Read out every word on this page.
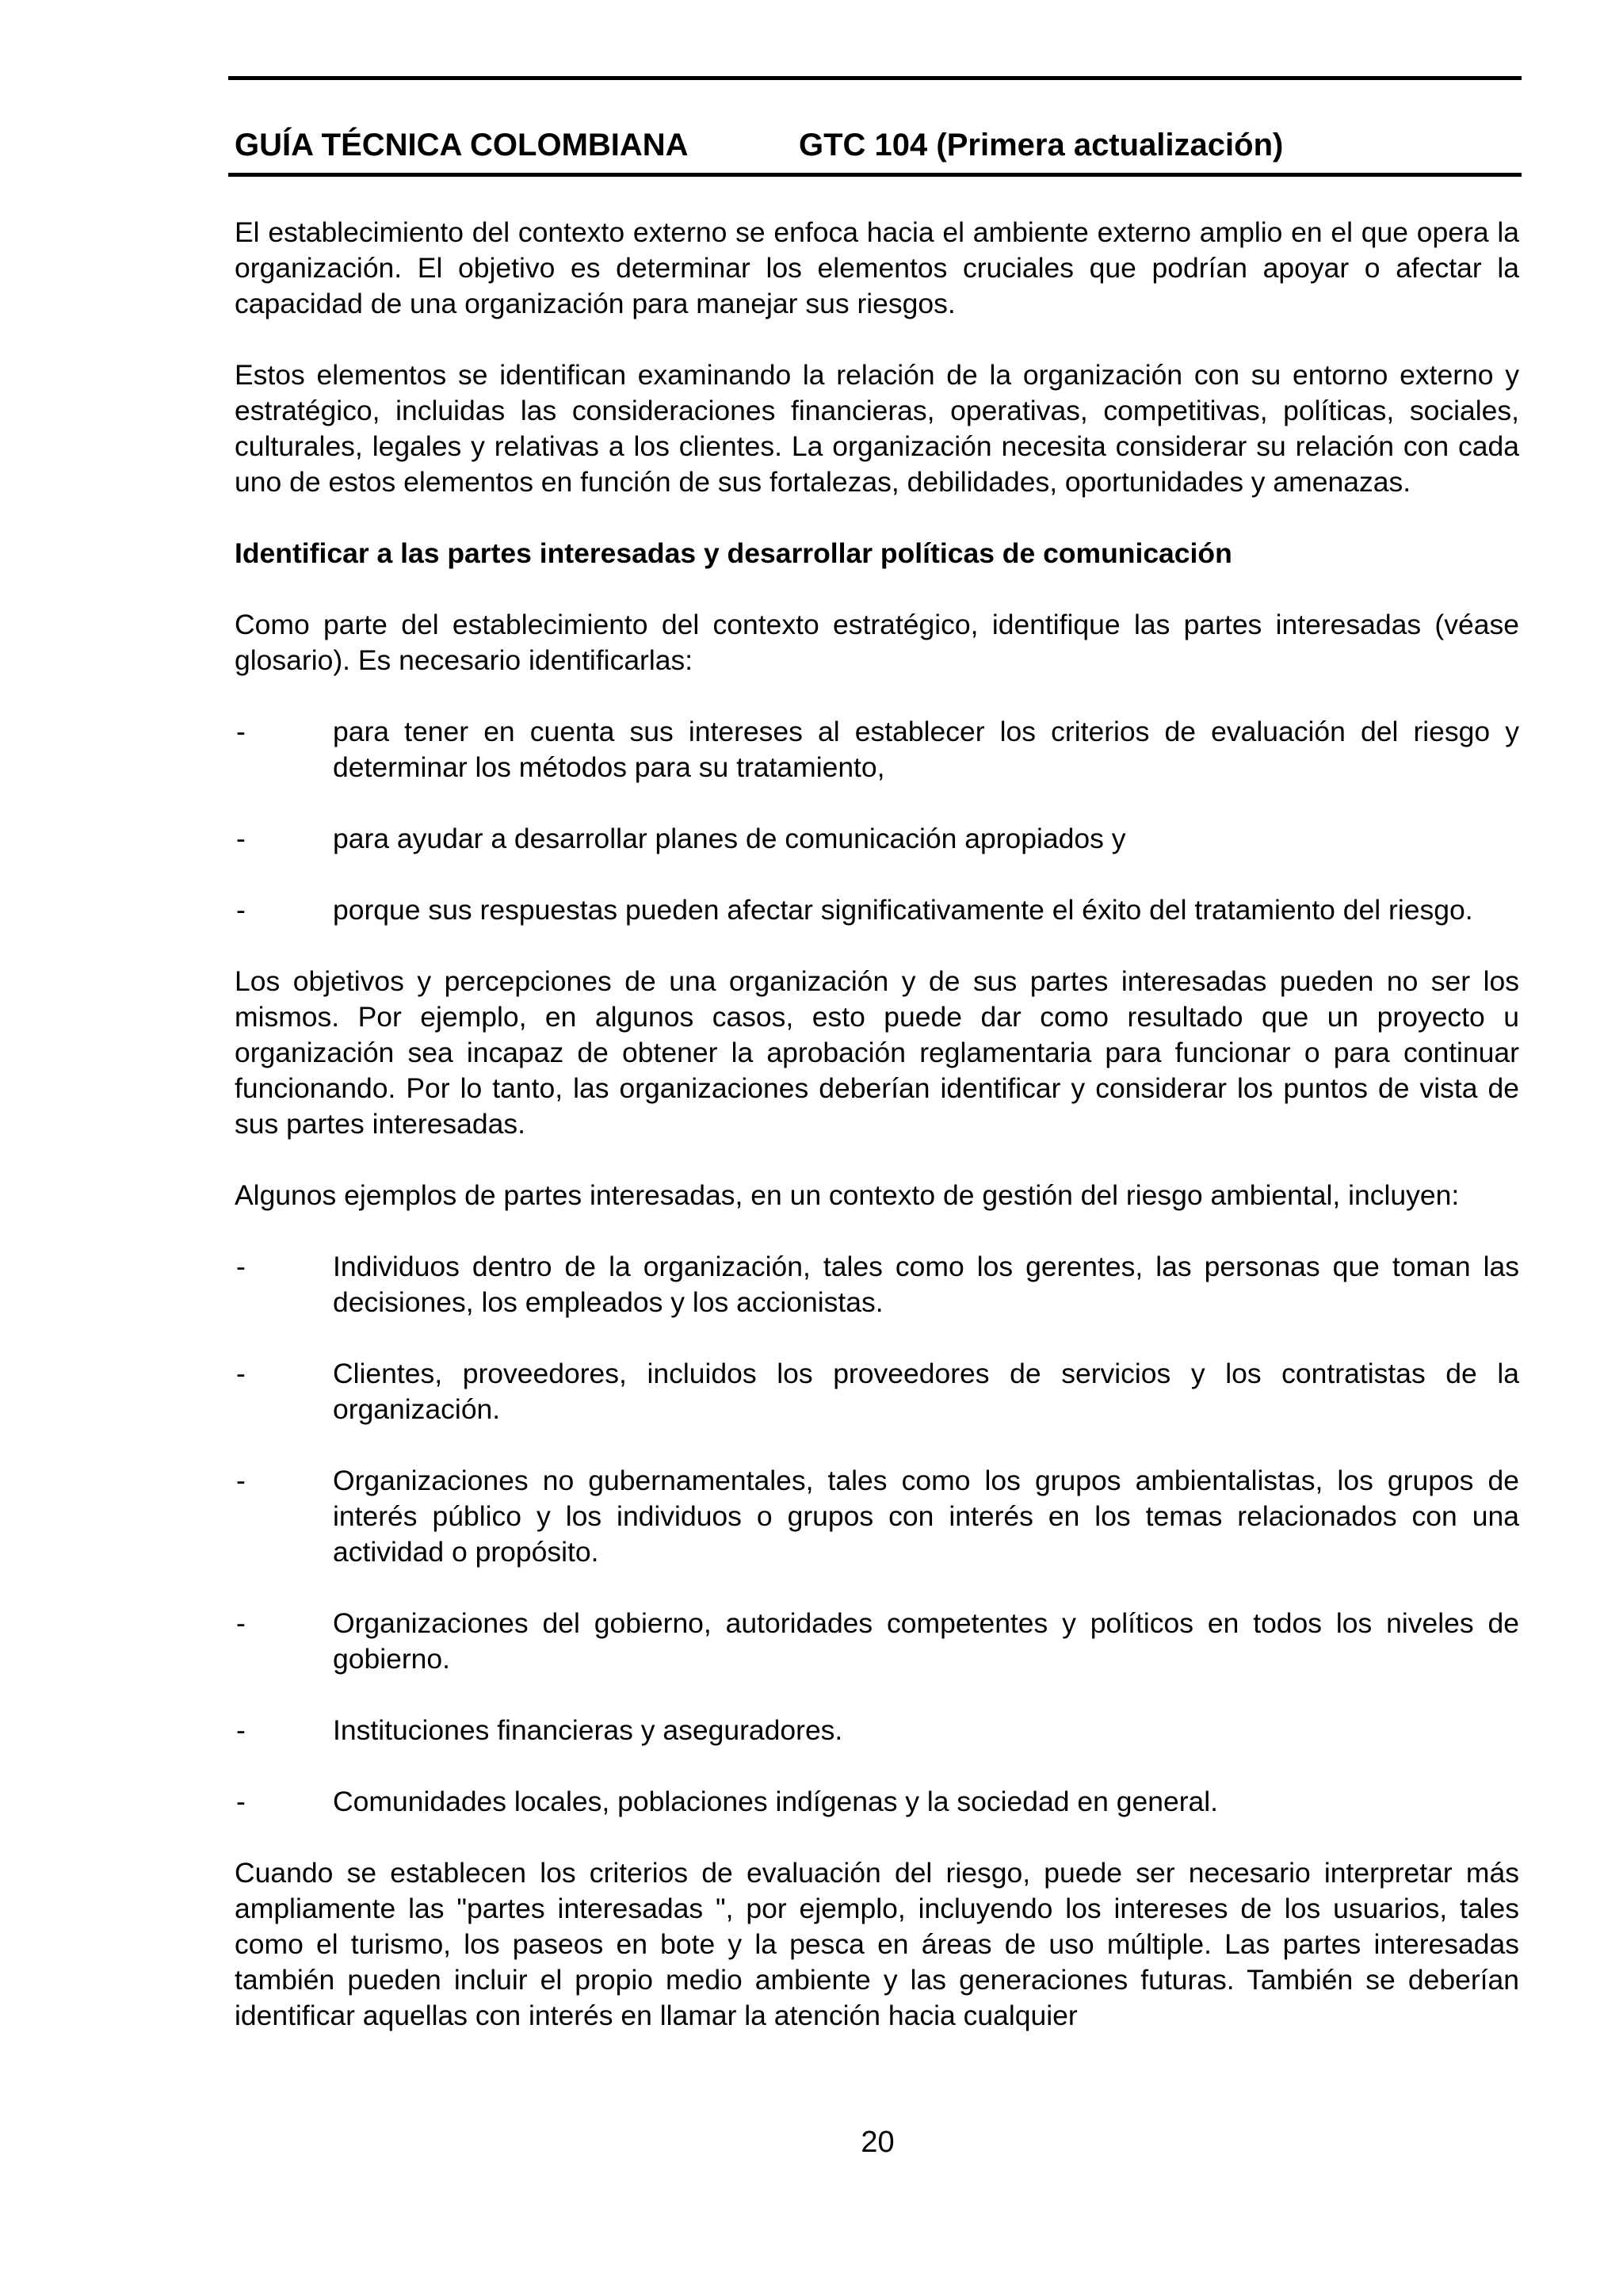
GUÍA TÉCNICA COLOMBIANA	GTC 104 (Primera actualización)

El establecimiento del contexto externo se enfoca hacia el ambiente externo amplio en el que opera la organización. El objetivo es determinar los elementos cruciales que podrían apoyar o afectar la capacidad de una organización para manejar sus riesgos.

Estos elementos se identifican examinando la relación de la organización con su entorno externo y estratégico, incluidas las consideraciones financieras, operativas, competitivas, políticas, sociales, culturales, legales y relativas a los clientes. La organización necesita considerar su relación con cada uno de estos elementos en función de sus fortalezas, debilidades, oportunidades y amenazas.

Identificar a las partes interesadas y desarrollar políticas de comunicación

Como parte del establecimiento del contexto estratégico, identifique las partes interesadas (véase glosario). Es necesario identificarlas:

-	para tener en cuenta sus intereses al establecer los criterios de evaluación del riesgo y determinar los métodos para su tratamiento,
-	para ayudar a desarrollar planes de comunicación apropiados y
-	porque sus respuestas pueden afectar significativamente el éxito del tratamiento del riesgo.

Los objetivos y percepciones de una organización y de sus partes interesadas pueden no ser los mismos. Por ejemplo, en algunos casos, esto puede dar como resultado que un proyecto u organización sea incapaz de obtener la aprobación reglamentaria para funcionar o para continuar funcionando. Por lo tanto, las organizaciones deberían identificar y considerar los puntos de vista de sus partes interesadas.

Algunos ejemplos de partes interesadas, en un contexto de gestión del riesgo ambiental, incluyen:

-	Individuos dentro de la organización, tales como los gerentes, las personas que toman las decisiones, los empleados y los accionistas.
-	Clientes, proveedores, incluidos los proveedores de servicios y los contratistas de la organización.
-	Organizaciones no gubernamentales, tales como los grupos ambientalistas, los grupos de interés público y los individuos o grupos con interés en los temas relacionados con una actividad o propósito.
-	Organizaciones del gobierno, autoridades competentes y políticos en todos los niveles de gobierno.
-	Instituciones financieras y aseguradores.
-	Comunidades locales, poblaciones indígenas y la sociedad en general.

Cuando se establecen los criterios de evaluación del riesgo, puede ser necesario interpretar más ampliamente las "partes interesadas ", por ejemplo, incluyendo los intereses de los usuarios, tales como el turismo, los paseos en bote y la pesca en áreas de uso múltiple. Las partes interesadas también pueden incluir el propio medio ambiente y las generaciones futuras. También se deberían identificar aquellas con interés en llamar la atención hacia cualquier

20
